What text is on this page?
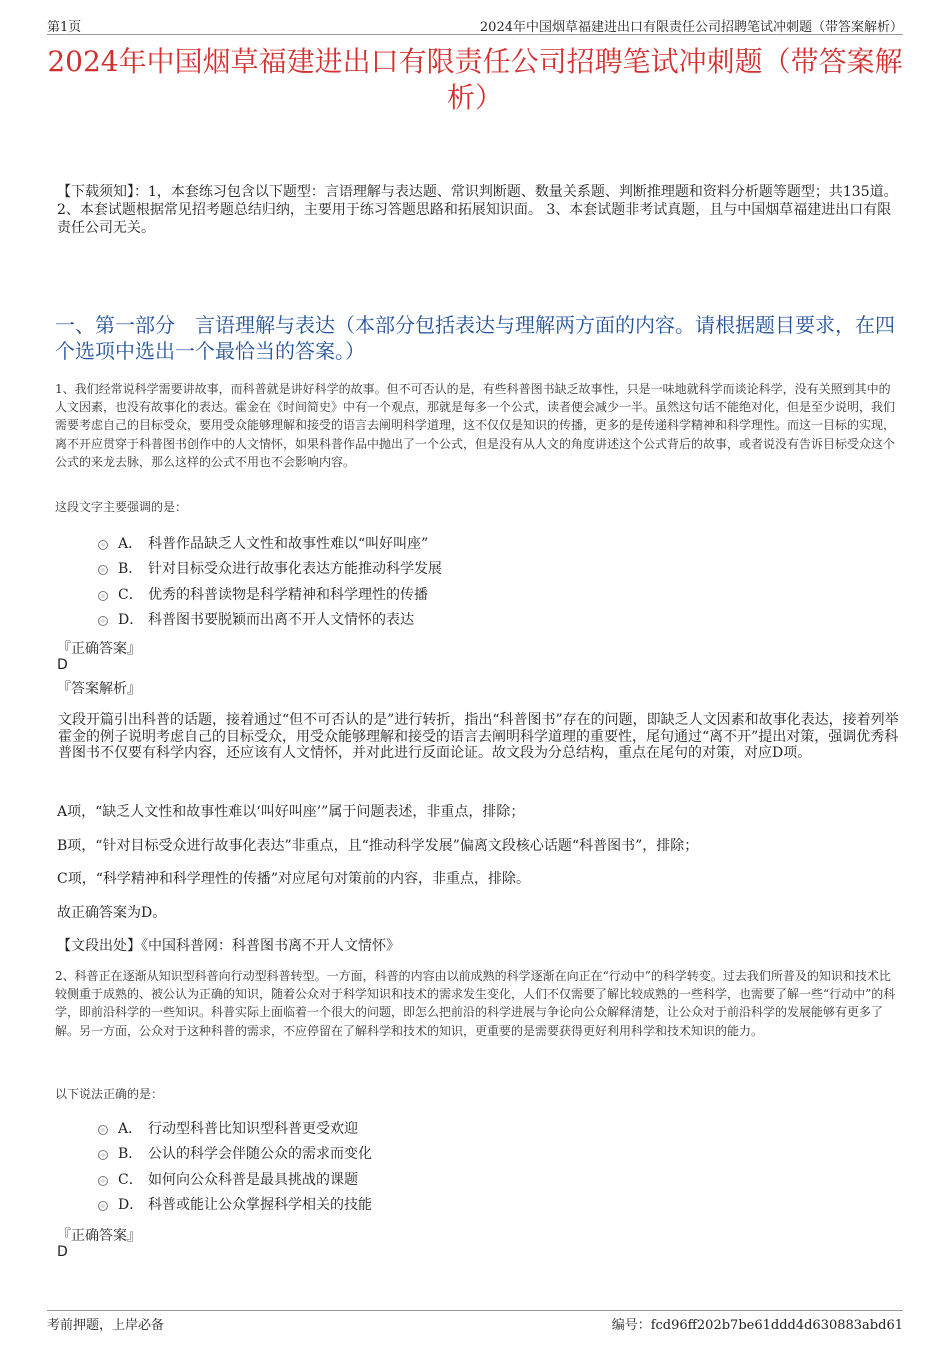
第1页	2024年中国烟草福建进出口有限责任公司招聘笔试冲刺题（带答案解析）
2024年中国烟草福建进出口有限责任公司招聘笔试冲刺题（带答案解析）
【下载须知】：1，本套练习包含以下题型：言语理解与表达题、常识判断题、数量关系题、判断推理题和资料分析题等题型；共135道。 2、本套试题根据常见招考题总结归纳，主要用于练习答题思路和拓展知识面。 3、本套试题非考试真题，且与中国烟草福建进出口有限责任公司无关。
一、第一部分　言语理解与表达（本部分包括表达与理解两方面的内容。请根据题目要求，在四个选项中选出一个最恰当的答案。）
1、我们经常说科学需要讲故事，而科普就是讲好科学的故事。但不可否认的是，有些科普图书缺乏故事性，只是一味地就科学而谈论科学，没有关照到其中的人文因素，也没有故事化的表达。霍金在《时间简史》中有一个观点，那就是每多一个公式，读者便会减少一半。虽然这句话不能绝对化，但是至少说明，我们需要考虑自己的目标受众，要用受众能够理解和接受的语言去阐明科学道理，这不仅仅是知识的传播，更多的是传递科学精神和科学理性。而这一目标的实现，离不开应贯穿于科普图书创作中的人文情怀，如果科普作品中抛出了一个公式，但是没有从人文的角度讲述这个公式背后的故事，或者说没有告诉目标受众这个公式的来龙去脉，那么这样的公式不用也不会影响内容。
这段文字主要强调的是：
A． 科普作品缺乏人文性和故事性难以“叫好叫座”
B． 针对目标受众进行故事化表达方能推动科学发展
C． 优秀的科普读物是科学精神和科学理性的传播
D． 科普图书要脱颖而出离不开人文情怀的表达
『正确答案』
D
『答案解析』
文段开篇引出科普的话题，接着通过“但不可否认的是”进行转折，指出“科普图书”存在的问题，即缺乏人文因素和故事化表达，接着列举霍金的例子说明考虑自己的目标受众，用受众能够理解和接受的语言去阐明科学道理的重要性，尾句通过“离不开”提出对策，强调优秀科普图书不仅要有科学内容，还应该有人文情怀，并对此进行反面论证。故文段为分总结构，重点在尾句的对策，对应D项。
A项，“缺乏人文性和故事性难以‘叫好叫座’”属于问题表述，非重点，排除；
B项，“针对目标受众进行故事化表达”非重点，且“推动科学发展”偏离文段核心话题“科普图书”，排除；
C项，“科学精神和科学理性的传播”对应尾句对策前的内容，非重点，排除。
故正确答案为D。
【文段出处】《中国科普网：科普图书离不开人文情怀》
2、科普正在逐渐从知识型科普向行动型科普转型。一方面，科普的内容由以前成熟的科学逐渐在向正在“行动中”的科学转变。过去我们所普及的知识和技术比较侧重于成熟的、被公认为正确的知识，随着公众对于科学知识和技术的需求发生变化，人们不仅需要了解比较成熟的一些科学，也需要了解一些“行动中”的科学，即前沿科学的一些知识。科普实际上面临着一个很大的问题，即怎么把前沿的科学进展与争论向公众解释清楚，让公众对于前沿科学的发展能够有更多了解。另一方面，公众对于这种科普的需求，不应停留在了解科学和技术的知识，更重要的是需要获得更好利用科学和技术知识的能力。
以下说法正确的是：
A． 行动型科普比知识型科普更受欢迎
B． 公认的科学会伴随公众的需求而变化
C． 如何向公众科普是最具挑战的课题
D． 科普或能让公众掌握科学相关的技能
『正确答案』
D
考前押题，上岸必备	编号：fcd96ff202b7be61ddd4d630883abd61
